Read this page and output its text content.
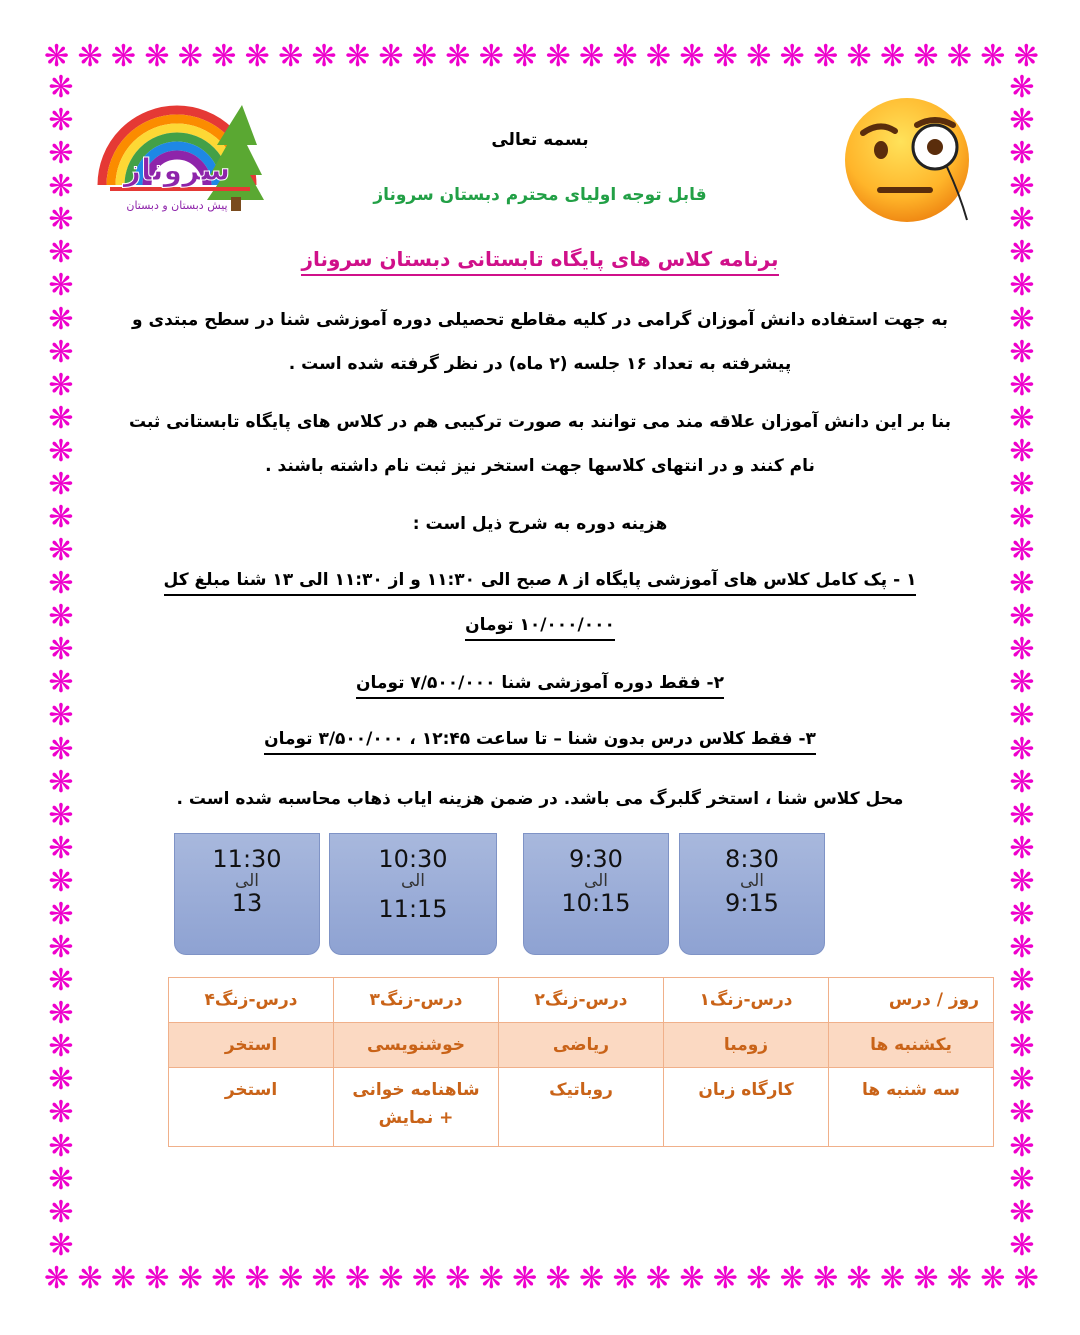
❋ ❋ ❋ ❋ ❋ ❋ ❋ ❋ ❋ ❋ ❋ ❋ ❋ ❋ ❋ ❋ ❋ ❋ ❋ ❋ ❋ ❋ ❋ ❋ ❋ ❋ ❋ ❋ ❋ ❋
❋ ❋ ❋ ❋ ❋ ❋ ❋ ❋ ❋ ❋ ❋ ❋ ❋ ❋ ❋ ❋ ❋ ❋ ❋ ❋ ❋ ❋ ❋ ❋ ❋ ❋ ❋ ❋ ❋ ❋
❋
❋
❋
❋
❋
❋
❋
❋
❋
❋
❋
❋
❋
❋
❋
❋
❋
❋
❋
❋
❋
❋
❋
❋
❋
❋
❋
❋
❋
❋
❋
❋
❋
❋
❋
❋
❋
❋
❋
❋
❋
❋
❋
❋
❋
❋
❋
❋
❋
❋
❋
❋
❋
❋
❋
❋
❋
❋
❋
❋
❋
❋
❋
❋
❋
❋
❋
❋
❋
❋
❋
❋
سروناز
پیش دبستان و دبستان
بسمه تعالی
قابل توجه اولیای محترم دبستان سروناز
برنامه کلاس های پایگاه تابستانی دبستان سروناز
به جهت استفاده دانش آموزان گرامی در کلیه مقاطع تحصیلی دوره آموزشی شنا در سطح مبتدی و
پیشرفته به تعداد ۱۶ جلسه (۲ ماه) در نظر گرفته شده است .
بنا بر این دانش آموزان علاقه مند می توانند به صورت ترکیبی هم در کلاس های پایگاه تابستانی ثبت
نام کنند و در انتهای کلاسها جهت استخر نیز ثبت نام داشته باشند .
هزینه دوره به شرح ذیل است :
۱ - پک کامل کلاس های آموزشی پایگاه از ۸ صبح الی ۱۱:۳۰ و از ۱۱:۳۰ الی ۱۳ شنا مبلغ کل
۱۰/۰۰۰/۰۰۰ تومان
۲- فقط دوره آموزشی شنا ۷/۵۰۰/۰۰۰ تومان
۳- فقط کلاس درس بدون شنا – تا ساعت ۱۲:۴۵ ، ۳/۵۰۰/۰۰۰ تومان
محل کلاس شنا ، استخر گلبرگ می باشد. در ضمن هزینه ایاب ذهاب محاسبه شده است .
11:30
الی
13
10:30
الی
11:15
9:30
الی
10:15
8:30
الی
9:15
روز / درس	درس-زنگ۱	درس-زنگ۲	درس-زنگ۳	درس-زنگ۴
یکشنبه ها	زومبا	ریاضی	خوشنویسی	استخر
سه شنبه ها	کارگاه زبان	روباتیک	شاهنامه خوانی + نمایش	استخر
